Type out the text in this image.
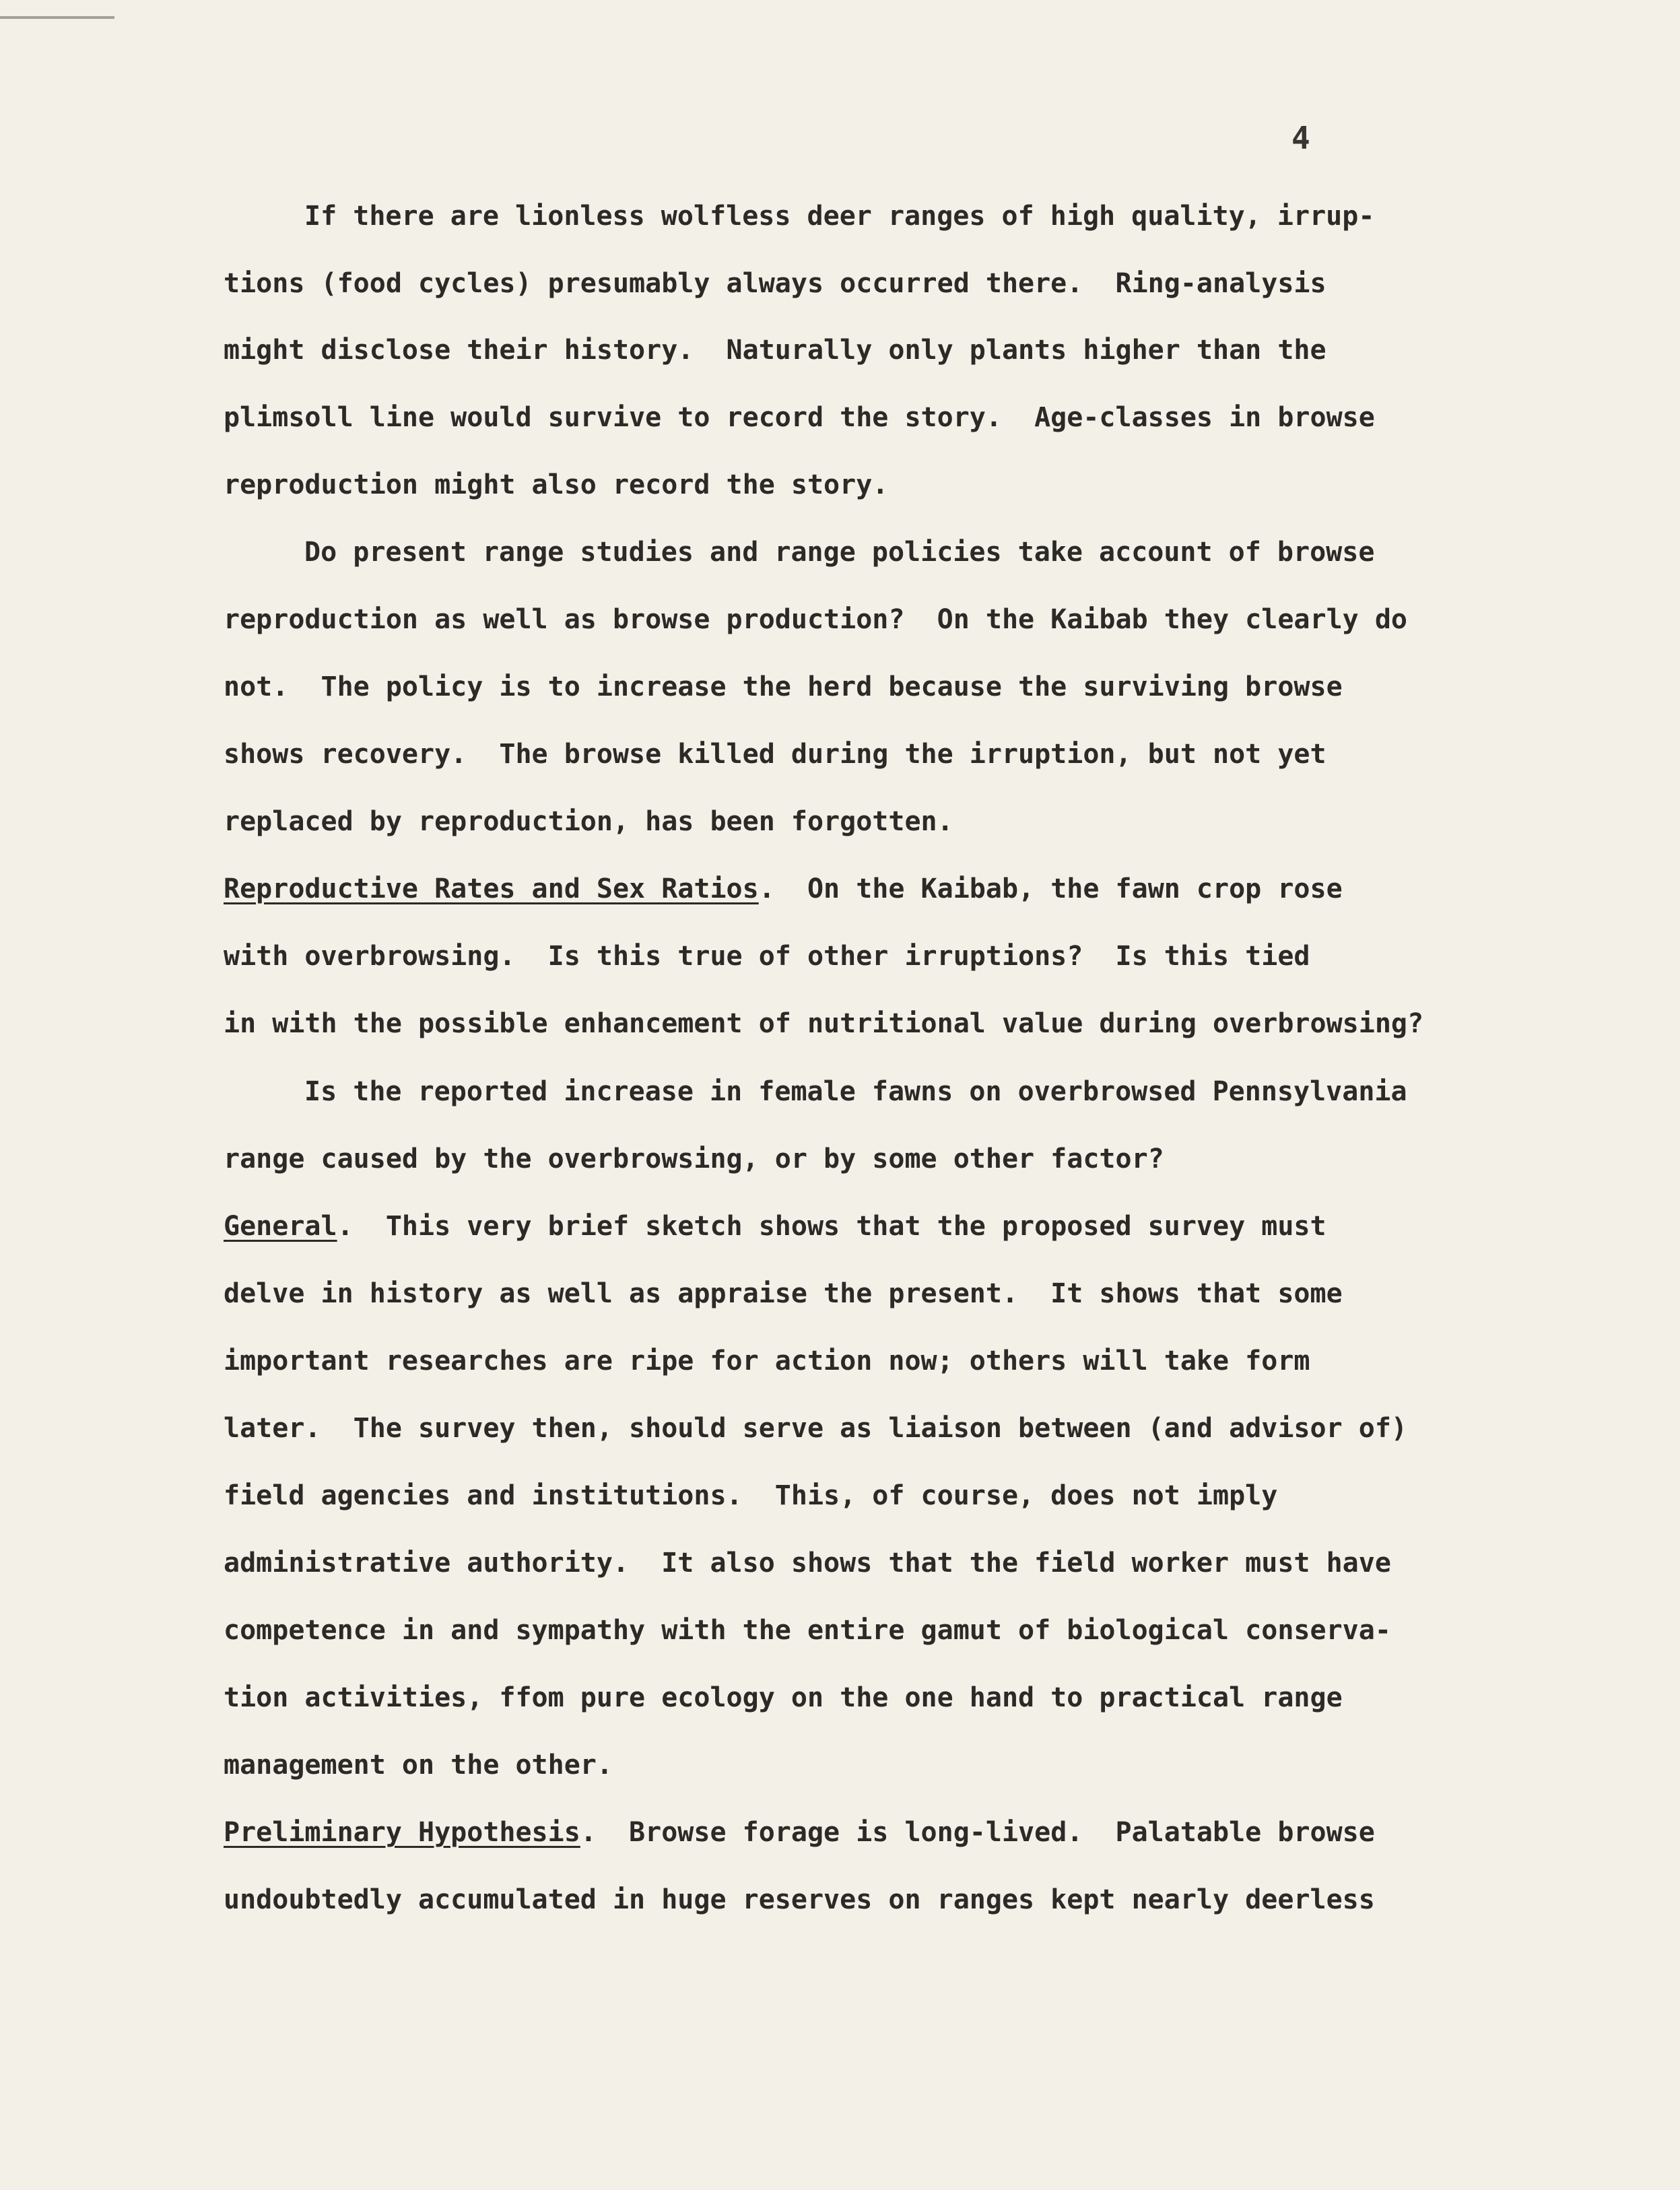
4
If there are lionless wolfless deer ranges of high quality, irrup-
tions (food cycles) presumably always occurred there.  Ring-analysis
might disclose their history.  Naturally only plants higher than the
plimsoll line would survive to record the story.  Age-classes in browse
reproduction might also record the story.
Do present range studies and range policies take account of browse
reproduction as well as browse production?  On the Kaibab they clearly do
not.  The policy is to increase the herd because the surviving browse
shows recovery.  The browse killed during the irruption, but not yet
replaced by reproduction, has been forgotten.
Reproductive Rates and Sex Ratios.  On the Kaibab, the fawn crop rose
with overbrowsing.  Is this true of other irruptions?  Is this tied
in with the possible enhancement of nutritional value during overbrowsing?
Is the reported increase in female fawns on overbrowsed Pennsylvania
range caused by the overbrowsing, or by some other factor?
General.  This very brief sketch shows that the proposed survey must
delve in history as well as appraise the present.  It shows that some
important researches are ripe for action now; others will take form
later.  The survey then, should serve as liaison between (and advisor of)
field agencies and institutions.  This, of course, does not imply
administrative authority.  It also shows that the field worker must have
competence in and sympathy with the entire gamut of biological conserva-
tion activities, ffom pure ecology on the one hand to practical range
management on the other.
Preliminary Hypothesis.  Browse forage is long-lived.  Palatable browse
undoubtedly accumulated in huge reserves on ranges kept nearly deerless
